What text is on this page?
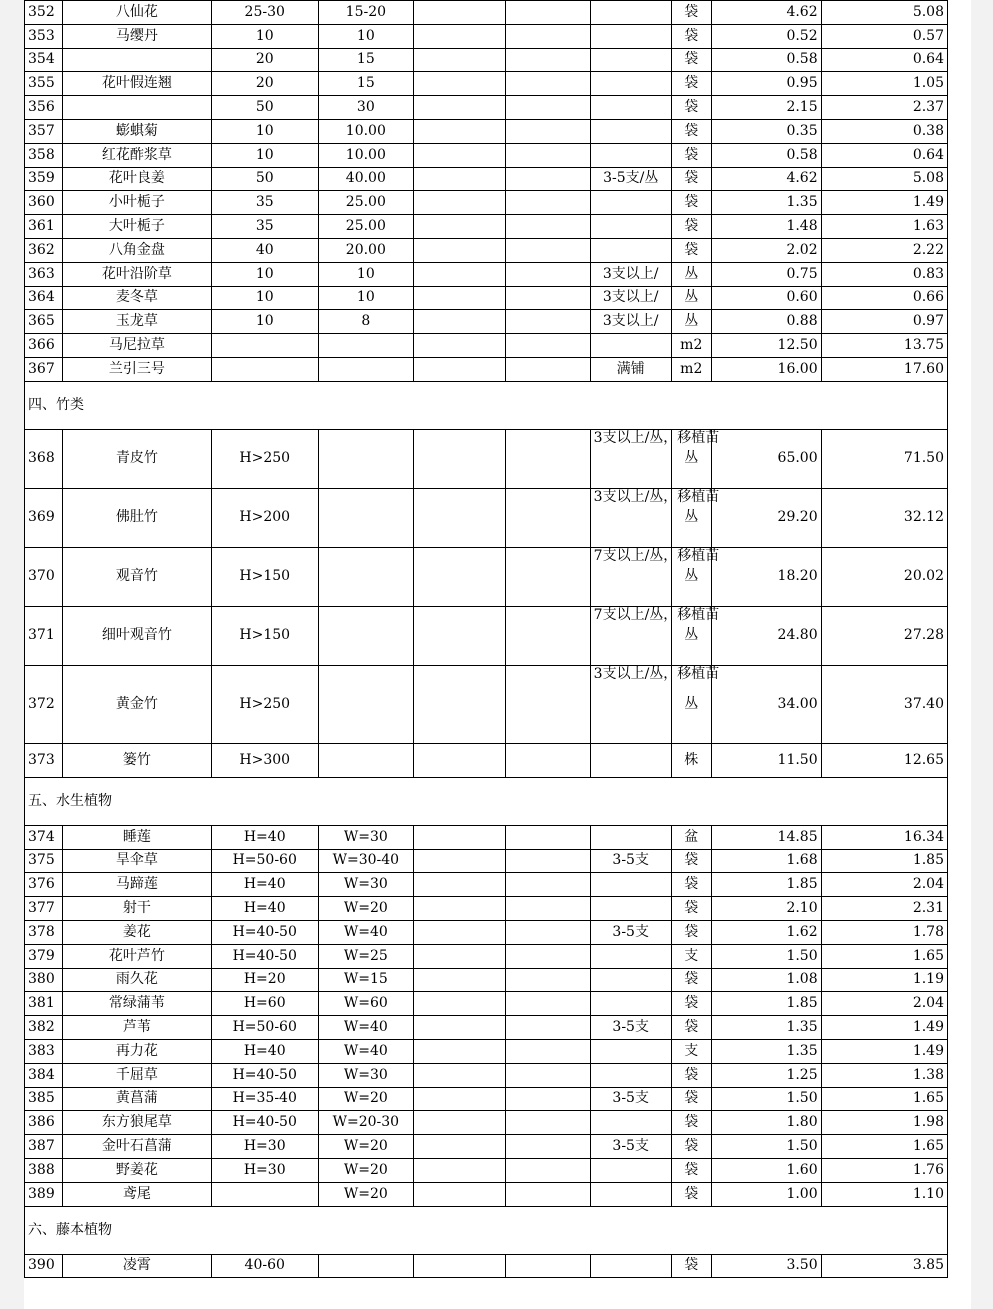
352	八仙花	25-30	15-20				袋	4.62	5.08
353	马缨丹	10	10				袋	0.52	0.57
354		20	15				袋	0.58	0.64
355	花叶假连翘	20	15				袋	0.95	1.05
356		50	30				袋	2.15	2.37
357	蟛蜞菊	10	10.00				袋	0.35	0.38
358	红花酢浆草	10	10.00				袋	0.58	0.64
359	花叶良姜	50	40.00			3-5支/丛	袋	4.62	5.08
360	小叶栀子	35	25.00				袋	1.35	1.49
361	大叶栀子	35	25.00				袋	1.48	1.63
362	八角金盘	40	20.00				袋	2.02	2.22
363	花叶沿阶草	10	10			3支以上/	丛	0.75	0.83
364	麦冬草	10	10			3支以上/	丛	0.60	0.66
365	玉龙草	10	8			3支以上/	丛	0.88	0.97
366	马尼拉草						m2	12.50	13.75
367	兰引三号					满铺	m2	16.00	17.60
四、竹类									
368	青皮竹	H>250				3支以上/丛，移植苗	丛	65.00	71.50
369	佛肚竹	H>200				3支以上/丛，移植苗	丛	29.20	32.12
370	观音竹	H>150				7支以上/丛，移植苗	丛	18.20	20.02
371	细叶观音竹	H>150				7支以上/丛，移植苗	丛	24.80	27.28
372	黄金竹	H>250				3支以上/丛，移植苗	丛	34.00	37.40
373	篓竹	H>300					株	11.50	12.65
五、水生植物									
374	睡莲	H=40	W=30				盆	14.85	16.34
375	旱伞草	H=50-60	W=30-40			3-5支	袋	1.68	1.85
376	马蹄莲	H=40	W=30				袋	1.85	2.04
377	射干	H=40	W=20				袋	2.10	2.31
378	姜花	H=40-50	W=40			3-5支	袋	1.62	1.78
379	花叶芦竹	H=40-50	W=25				支	1.50	1.65
380	雨久花	H=20	W=15				袋	1.08	1.19
381	常绿蒲苇	H=60	W=60				袋	1.85	2.04
382	芦苇	H=50-60	W=40			3-5支	袋	1.35	1.49
383	再力花	H=40	W=40				支	1.35	1.49
384	千屈草	H=40-50	W=30				袋	1.25	1.38
385	黄菖蒲	H=35-40	W=20			3-5支	袋	1.50	1.65
386	东方狼尾草	H=40-50	W=20-30				袋	1.80	1.98
387	金叶石菖蒲	H=30	W=20			3-5支	袋	1.50	1.65
388	野姜花	H=30	W=20				袋	1.60	1.76
389	鸢尾		W=20				袋	1.00	1.10
六、藤本植物									
390	凌霄	40-60					袋	3.50	3.85
